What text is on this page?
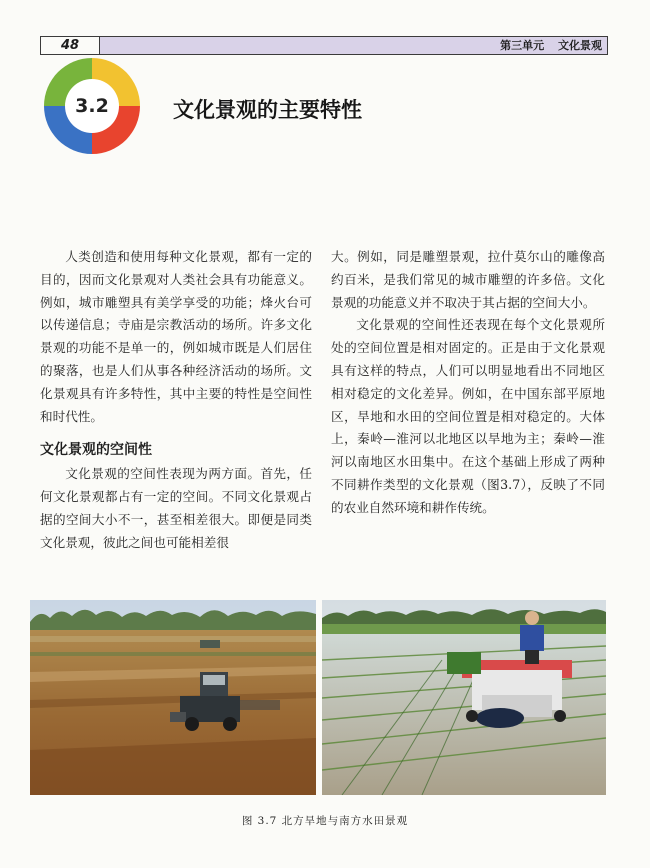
48	第三单元 文化景观
3.2	文化景观的主要特性

人类创造和使用每种文化景观，都有一定的目的，因而文化景观对人类社会具有功能意义。例如，城市雕塑具有美学享受的功能；烽火台可以传递信息；寺庙是宗教活动的场所。许多文化景观的功能不是单一的，例如城市既是人们居住的聚落，也是人们从事各种经济活动的场所。文化景观具有许多特性，其中主要的特性是空间性和时代性。

文化景观的空间性

文化景观的空间性表现为两方面。首先，任何文化景观都占有一定的空间。不同文化景观占据的空间大小不一，甚至相差很大。即便是同类文化景观，彼此之间也可能相差很

大。例如，同是雕塑景观，拉什莫尔山的雕像高约百米，是我们常见的城市雕塑的许多倍。文化景观的功能意义并不取决于其占据的空间大小。

文化景观的空间性还表现在每个文化景观所处的空间位置是相对固定的。正是由于文化景观具有这样的特点，人们可以明显地看出不同地区相对稳定的文化差异。例如，在中国东部平原地区，旱地和水田的空间位置是相对稳定的。大体上，秦岭—淮河以北地区以旱地为主；秦岭—淮河以南地区水田集中。在这个基础上形成了两种不同耕作类型的文化景观（图3.7），反映了不同的农业自然环境和耕作传统。

图 3.7 北方旱地与南方水田景观
